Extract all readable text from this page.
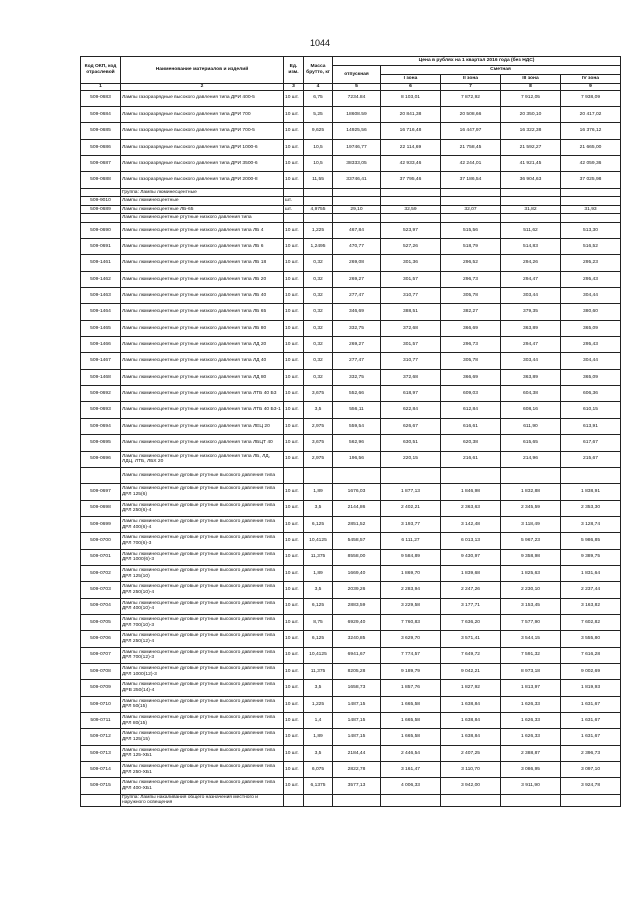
1044
Код ОКП, код отраслевой	Наименование материалов и изделий	Ед. изм.	Масса брутто, кг	Цена в рублях на 1 квартал 2016 года (без НДС)				
				отпускная	Сметная			
					I зона	II зона	III зона	IV зона
1	2	3	4	5	6	7	8	9
509-0683	Лампы газоразрядные высокого давления типа ДРИ 400-5	10 шт.	6,75	7234.84	8 103,01	7 872,92	7 912,05	7 938,09
509-0684	Лампы газоразрядные высокого давления типа ДРИ 700	10 шт.	5,25	18608.59	20 841,38	20 508,66	20 350,10	20 417,02
509-0685	Лампы газоразрядные высокого давления типа ДРИ 700-5	10 шт.	9,625	14925,56	16 716,48	16 447,97	16 322,38	16 376,12
509-0686	Лампы газоразрядные высокого давления типа ДРИ 1000-6	10 шт.	10,5	19746,77	22 114,69	21 758,45	21 592,27	21 665,00
509-0687	Лампы газоразрядные высокого давления типа ДРИ 3500-6	10 шт.	10,5	38333,05	42 933,46	42 244,01	41 921,45	42 059,36
509-0688	Лампы газоразрядные высокого давления типа ДРИ 2000-8	10 шт.	11,55	33746,41	37 795,46	37 186,54	36 904,63	37 025,98
	Группа: Лампы люминесцентные							
509-9010	Лампы люминесцентные	шт.						
509-0689	Лампы люминесцентные ЛБ-65	шт.	4,9755	29,10	32,59	32,07	31,82	31,93
	Лампы люминесцентные ртутные низкого давления типа							
509-0690	Лампы люминесцентные ртутные низкого давления типа ЛБ 4	10 шт.	1,225	467,84	523,97	515,56	511,62	513,30
509-0691	Лампы люминесцентные ртутные низкого давления типа ЛБ 6	10 шт.	1,2495	470,77	527,26	518,79	514,83	516,52
509-1461	Лампы люминесцентные ртутные низкого давления типа ЛБ 18	10 шт.	0,32	269,08	301,36	296,52	294,26	295,23
509-1462	Лампы люминесцентные ртутные низкого давления типа ЛБ 20	10 шт.	0,32	269,27	301,57	296,73	294,47	295,43
509-1463	Лампы люминесцентные ртутные низкого давления типа ЛБ 40	10 шт.	0,32	277,47	310,77	305,78	303,44	304,44
509-1464	Лампы люминесцентные ртутные низкого давления типа ЛБ 65	10 шт.	0,32	346,69	388,51	382,27	379,35	380,60
509-1465	Лампы люминесцентные ртутные низкого давления типа ЛБ 80	10 шт.	0,32	332,75	372,68	366,69	363,89	365,09
509-1466	Лампы люминесцентные ртутные низкого давления типа ЛД 20	10 шт.	0,32	269,27	301,57	296,73	294,47	295,43
509-1467	Лампы люминесцентные ртутные низкого давления типа ЛД 40	10 шт.	0,32	277,47	310,77	305,78	303,44	304,44
509-1468	Лампы люминесцентные ртутные низкого давления типа ЛД 80	10 шт.	0,32	332,75	372,68	366,69	363,89	365,09
509-0692	Лампы люминесцентные ртутные низкого давления типа ЛТБ 40 Б3	10 шт.	3,675	552,66	618,97	609,03	604,38	606,36
509-0693	Лампы люминесцентные ртутные низкого давления типа ЛТБ 40 Б3-1	10 шт.	3,5	556,11	622,84	612,84	608,16	610,15
509-0694	Лампы люминесцентные ртутные низкого давления типа ЛЕЦ 20	10 шт.	2,975	559,54	626,67	616,61	611,90	613,91
509-0695	Лампы люминесцентные ртутные низкого давления типа ЛБЦТ 40	10 шт.	3,675	562,96	630,51	620,38	615,65	617,67
509-0696	Лампы люминесцентные ртутные низкого давления типа ЛБ, ЛД, ЛДЦ, ЛТБ, ЛБХ 20	10 шт.	2,975	196,56	220,15	216,61	214,96	215,67
	Лампы люминесцентные дуговые ртутные высокого давления типа							
509-0697	Лампы люминесцентные дуговые ртутные высокого давления типа ДРЛ 125(6)	10 шт.	1,89	1676,03	1 877,13	1 846,98	1 832,88	1 838,91
509-0698	Лампы люминесцентные дуговые ртутные высокого давления типа ДРЛ 250(6)-4	10 шт.	3,5	2144,86	2 402,21	2 363,63	2 345,59	2 353,30
509-0699	Лампы люминесцентные дуговые ртутные высокого давления типа ДРЛ 400(6)-4	10 шт.	6,125	2851,52	3 193,77	3 142,48	3 118,49	3 128,74
509-0700	Лампы люминесцентные дуговые ртутные высокого давления типа ДРЛ 700(6)-3	10 шт.	10,4125	5458,57	6 111,27	6 013,13	5 967,23	5 986,85
509-0701	Лампы люминесцентные дуговые ртутные высокого давления типа ДРЛ 1000(6)-3	10 шт.	11,375	8558,00	9 584,89	9 430,97	9 358,98	9 389,75
509-0702	Лампы люминесцентные дуговые ртутные высокого давления типа ДРЛ 125(10)	10 шт.	1,89	1669,40	1 869,70	1 839,68	1 825,63	1 831,64
509-0703	Лампы люминесцентные дуговые ртутные высокого давления типа ДРЛ 250(10)-4	10 шт.	3,5	2039,26	2 283,94	2 247,26	2 230,10	2 237,44
509-0704	Лампы люминесцентные дуговые ртутные высокого давления типа ДРЛ 400(10)-4	10 шт.	6,125	2883,59	3 229,58	3 177,71	3 153,45	3 163,82
509-0705	Лампы люминесцентные дуговые ртутные высокого давления типа ДРЛ 700(10)-3	10 шт.	8,75	6929,40	7 760,83	7 636,20	7 577,90	7 602,82
509-0706	Лампы люминесцентные дуговые ртутные высокого давления типа ДРЛ 250(12)-4	10 шт.	6,125	3240,85	3 629,70	3 571,41	3 544,15	3 555,80
509-0707	Лампы люминесцентные дуговые ртутные высокого давления типа ДРЛ 700(12)-3	10 шт.	10,4125	6941,67	7 774,57	7 649,72	7 591,32	7 616,28
509-0708	Лампы люминесцентные дуговые ртутные высокого давления типа ДРЛ 1000(12)-3	10 шт.	11,375	8205,28	9 189,79	9 042,21	8 973,18	9 002,69
509-0709	Лампы люминесцентные дуговые ртутные высокого давления типа ДРВ 250(14)-4	10 шт.	3,5	1658,73	1 857,76	1 827,92	1 813,97	1 819,93
509-0710	Лампы люминесцентные дуговые ртутные высокого давления типа ДРЛ 50(15)	10 шт.	1,225	1487,15	1 665,58	1 638,84	1 626,33	1 631,67
509-0711	Лампы люминесцентные дуговые ртутные высокого давления типа ДРЛ 80(15)	10 шт.	1,4	1487,15	1 665,58	1 638,84	1 626,33	1 631,67
509-0712	Лампы люминесцентные дуговые ртутные высокого давления типа ДРЛ 125(15)	10 шт.	1,89	1487,15	1 665,58	1 638,84	1 626,33	1 631,67
509-0713	Лампы люминесцентные дуговые ртутные высокого давления типа ДРЛ 125-ХБ1	10 шт.	3,5	2184,44	2 446,54	2 407,25	2 388,87	2 396,73
509-0714	Лампы люминесцентные дуговые ртутные высокого давления типа ДРЛ 250-ХБ1	10 шт.	6,075	2822,78	3 161,47	3 110,70	3 086,95	3 097,10
509-0715	Лампы люминесцентные дуговые ртутные высокого давления типа ДРЛ 400-ХБ1	10 шт.	6,1375	3577,13	4 006,33	3 942,00	3 911,90	3 924,78
	Группа: Лампы накаливания общего назначения местного и наружного освещения							
